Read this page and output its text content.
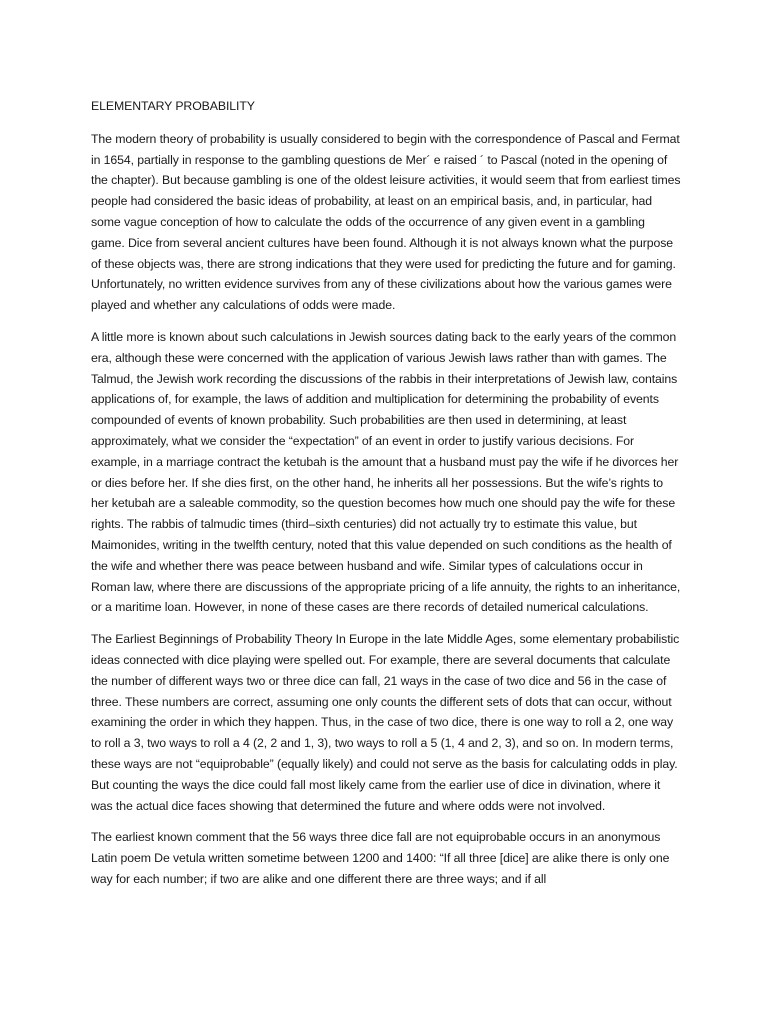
ELEMENTARY PROBABILITY

The modern theory of probability is usually considered to begin with the correspondence of Pascal and Fermat in 1654, partially in response to the gambling questions de Mer´ e raised ´ to Pascal (noted in the opening of the chapter). But because gambling is one of the oldest leisure activities, it would seem that from earliest times people had considered the basic ideas of probability, at least on an empirical basis, and, in particular, had some vague conception of how to calculate the odds of the occurrence of any given event in a gambling game. Dice from several ancient cultures have been found. Although it is not always known what the purpose of these objects was, there are strong indications that they were used for predicting the future and for gaming. Unfortunately, no written evidence survives from any of these civilizations about how the various games were played and whether any calculations of odds were made.

A little more is known about such calculations in Jewish sources dating back to the early years of the common era, although these were concerned with the application of various Jewish laws rather than with games. The Talmud, the Jewish work recording the discussions of the rabbis in their interpretations of Jewish law, contains applications of, for example, the laws of addition and multiplication for determining the probability of events compounded of events of known probability. Such probabilities are then used in determining, at least approximately, what we consider the “expectation” of an event in order to justify various decisions. For example, in a marriage contract the ketubah is the amount that a husband must pay the wife if he divorces her or dies before her. If she dies first, on the other hand, he inherits all her possessions. But the wife’s rights to her ketubah are a saleable commodity, so the question becomes how much one should pay the wife for these rights. The rabbis of talmudic times (third–sixth centuries) did not actually try to estimate this value, but Maimonides, writing in the twelfth century, noted that this value depended on such conditions as the health of the wife and whether there was peace between husband and wife. Similar types of calculations occur in Roman law, where there are discussions of the appropriate pricing of a life annuity, the rights to an inheritance, or a maritime loan. However, in none of these cases are there records of detailed numerical calculations.

The Earliest Beginnings of Probability Theory In Europe in the late Middle Ages, some elementary probabilistic ideas connected with dice playing were spelled out. For example, there are several documents that calculate the number of different ways two or three dice can fall, 21 ways in the case of two dice and 56 in the case of three. These numbers are correct, assuming one only counts the different sets of dots that can occur, without examining the order in which they happen. Thus, in the case of two dice, there is one way to roll a 2, one way to roll a 3, two ways to roll a 4 (2, 2 and 1, 3), two ways to roll a 5 (1, 4 and 2, 3), and so on. In modern terms, these ways are not “equiprobable” (equally likely) and could not serve as the basis for calculating odds in play. But counting the ways the dice could fall most likely came from the earlier use of dice in divination, where it was the actual dice faces showing that determined the future and where odds were not involved.

The earliest known comment that the 56 ways three dice fall are not equiprobable occurs in an anonymous Latin poem De vetula written sometime between 1200 and 1400: “If all three [dice] are alike there is only one way for each number; if two are alike and one different there are three ways; and if all
